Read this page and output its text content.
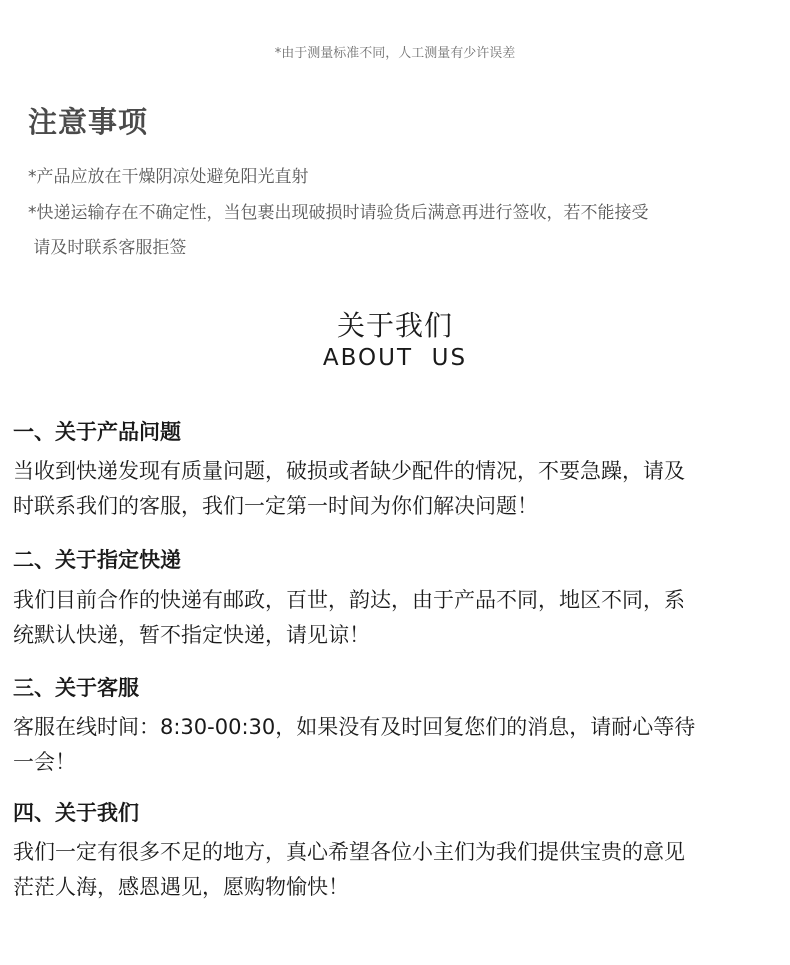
*由于测量标准不同，人工测量有少许误差
注意事项
*产品应放在干燥阴凉处避免阳光直射
*快递运输存在不确定性，当包裹出现破损时请验货后满意再进行签收，若不能接受
请及时联系客服拒签
关于我们
ABOUT  US
一、关于产品问题
当收到快递发现有质量问题，破损或者缺少配件的情况，不要急躁，请及
时联系我们的客服，我们一定第一时间为你们解决问题！
二、关于指定快递
我们目前合作的快递有邮政，百世，韵达，由于产品不同，地区不同，系
统默认快递，暂不指定快递，请见谅！
三、关于客服
客服在线时间：8:30-00:30，如果没有及时回复您们的消息，请耐心等待
一会！
四、关于我们
我们一定有很多不足的地方，真心希望各位小主们为我们提供宝贵的意见
茫茫人海，感恩遇见，愿购物愉快！
